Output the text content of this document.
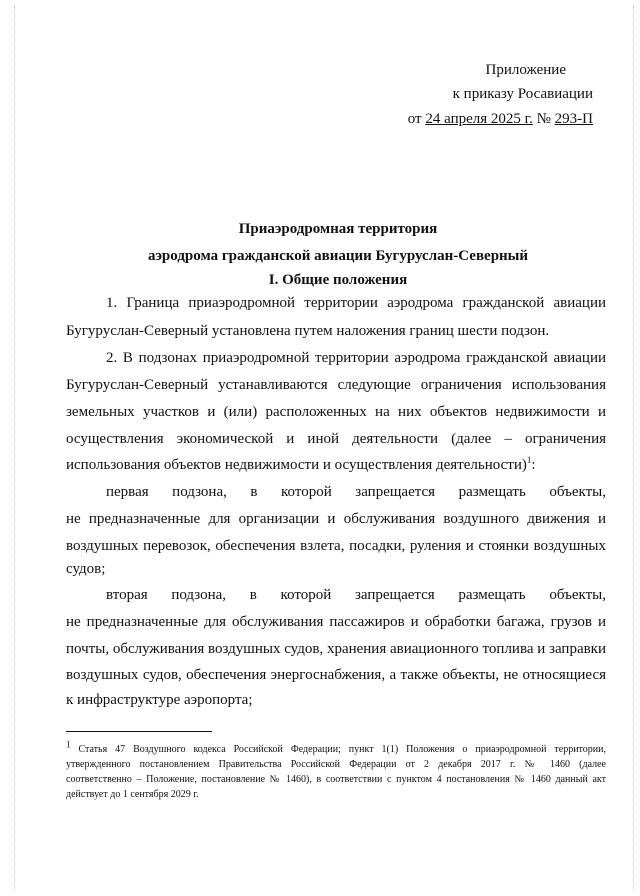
Приложение
к приказу Росавиации
от 24 апреля 2025 г. № 293-П
Приаэродромная территория
аэродрома гражданской авиации Бугуруслан-Северный
I. Общие положения
1. Граница приаэродромной территории аэродрома гражданской авиации
Бугуруслан-Северный установлена путем наложения границ шести подзон.
2. В подзонах приаэродромной территории аэродрома гражданской авиации
Бугуруслан-Северный устанавливаются следующие ограничения использования
земельных участков и (или) расположенных на них объектов недвижимости и
осуществления экономической и иной деятельности (далее – ограничения
использования объектов недвижимости и осуществления деятельности)$^1$:
первая подзона, в которой запрещается размещать объекты,
не предназначенные для организации и обслуживания воздушного движения и
воздушных перевозок, обеспечения взлета, посадки, руления и стоянки воздушных
судов;
вторая подзона, в которой запрещается размещать объекты,
не предназначенные для обслуживания пассажиров и обработки багажа, грузов и
почты, обслуживания воздушных судов, хранения авиационного топлива и заправки
воздушных судов, обеспечения энергоснабжения, а также объекты, не относящиеся
к инфраструктуре аэропорта;
$^1$ Статья 47 Воздушного кодекса Российской Федерации; пункт 1(1) Положения о приаэродромной территории,
утвержденного постановлением Правительства Российской Федерации от 2 декабря 2017 г. № 1460 (далее
соответственно – Положение, постановление № 1460), в соответствии с пунктом 4 постановления № 1460 данный акт
действует до 1 сентября 2029 г.
